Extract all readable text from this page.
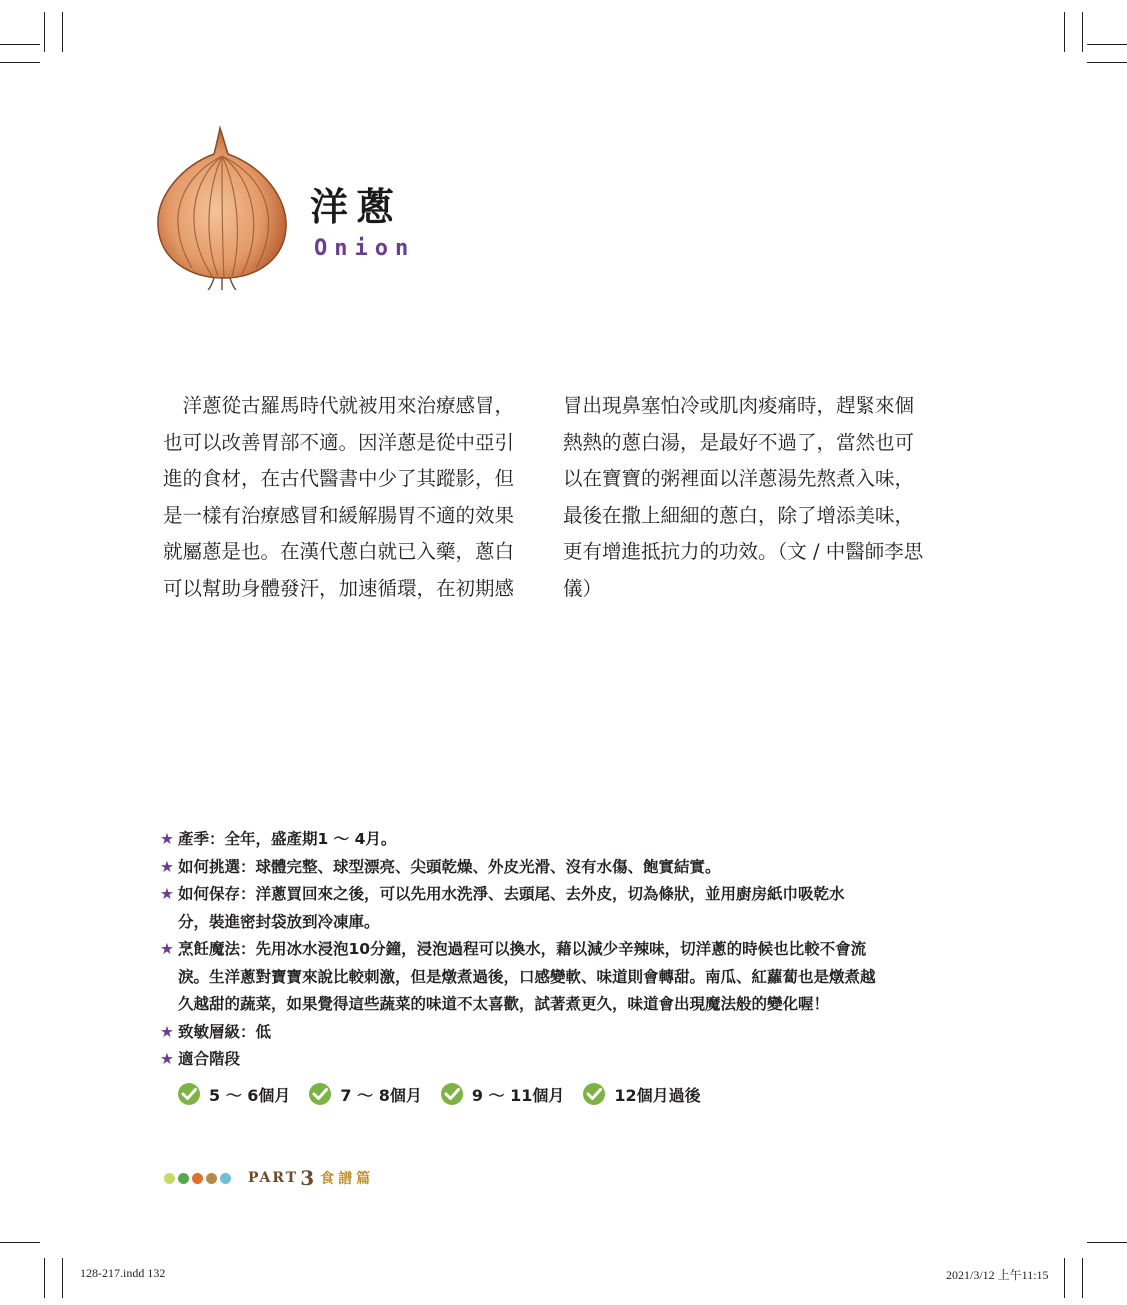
洋蔥
Onion

　洋蔥從古羅馬時代就被用來治療感冒，

也可以改善胃部不適。因洋蔥是從中亞引

進的食材，在古代醫書中少了其蹤影，但

是一樣有治療感冒和緩解腸胃不適的效果

就屬蔥是也。在漢代蔥白就已入藥，蔥白

可以幫助身體發汗，加速循環，在初期感

冒出現鼻塞怕冷或肌肉痠痛時，趕緊來個

熱熱的蔥白湯，是最好不過了，當然也可

以在寶寶的粥裡面以洋蔥湯先熬煮入味，

最後在撒上細細的蔥白，除了增添美味，

更有增進抵抗力的功效。（文 / 中醫師李思

儀）

★ 產季：全年，盛產期1 ～ 4月。
★ 如何挑選：球體完整、球型漂亮、尖頭乾燥、外皮光滑、沒有水傷、飽實結實。
★ 如何保存：洋蔥買回來之後，可以先用水洗淨、去頭尾、去外皮，切為條狀，並用廚房紙巾吸乾水
分，裝進密封袋放到冷凍庫。
★ 烹飪魔法：先用冰水浸泡10分鐘，浸泡過程可以換水，藉以減少辛辣味，切洋蔥的時候也比較不會流
淚。生洋蔥對寶寶來說比較刺激，但是燉煮過後，口感變軟、味道則會轉甜。南瓜、紅蘿蔔也是燉煮越
久越甜的蔬菜，如果覺得這些蔬菜的味道不太喜歡，試著煮更久，味道會出現魔法般的變化喔！
★ 致敏層級：低
★ 適合階段
5 ～ 6個月	7 ～ 8個月	9 ～ 11個月	12個月過後
PART 3 食譜篇
128-217.indd 132	2021/3/12 上午11:15
